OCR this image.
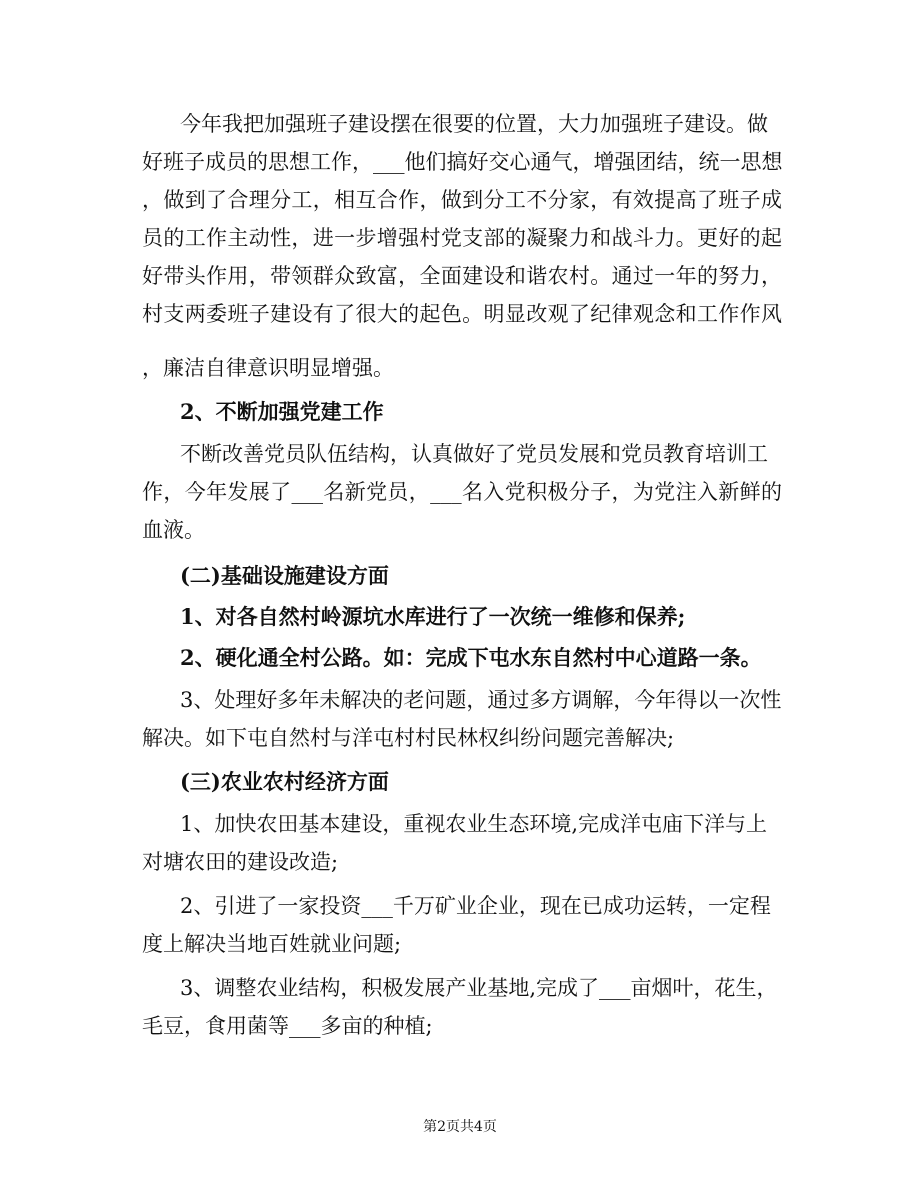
今年我把加强班子建设摆在很要的位置，大力加强班子建设。做
好班子成员的思想工作，___他们搞好交心通气，增强团结，统一思想
，做到了合理分工，相互合作，做到分工不分家，有效提高了班子成
员的工作主动性，进一步增强村党支部的凝聚力和战斗力。更好的起
好带头作用，带领群众致富，全面建设和谐农村。通过一年的努力，
村支两委班子建设有了很大的起色。明显改观了纪律观念和工作作风
，廉洁自律意识明显增强。
2、不断加强党建工作
不断改善党员队伍结构，认真做好了党员发展和党员教育培训工
作，今年发展了___名新党员，___名入党积极分子，为党注入新鲜的
血液。
(二)基础设施建设方面
1、对各自然村岭源坑水库进行了一次统一维修和保养;
2、硬化通全村公路。如：完成下屯水东自然村中心道路一条。
3、处理好多年未解决的老问题，通过多方调解，今年得以一次性
解决。如下屯自然村与洋屯村村民林权纠纷问题完善解决;
(三)农业农村经济方面
1、加快农田基本建设，重视农业生态环境,完成洋屯庙下洋与上
对塘农田的建设改造;
2、引进了一家投资___千万矿业企业，现在已成功运转，一定程
度上解决当地百姓就业问题;
3、调整农业结构，积极发展产业基地,完成了___亩烟叶，花生，
毛豆，食用菌等___多亩的种植;
第2页共4页
